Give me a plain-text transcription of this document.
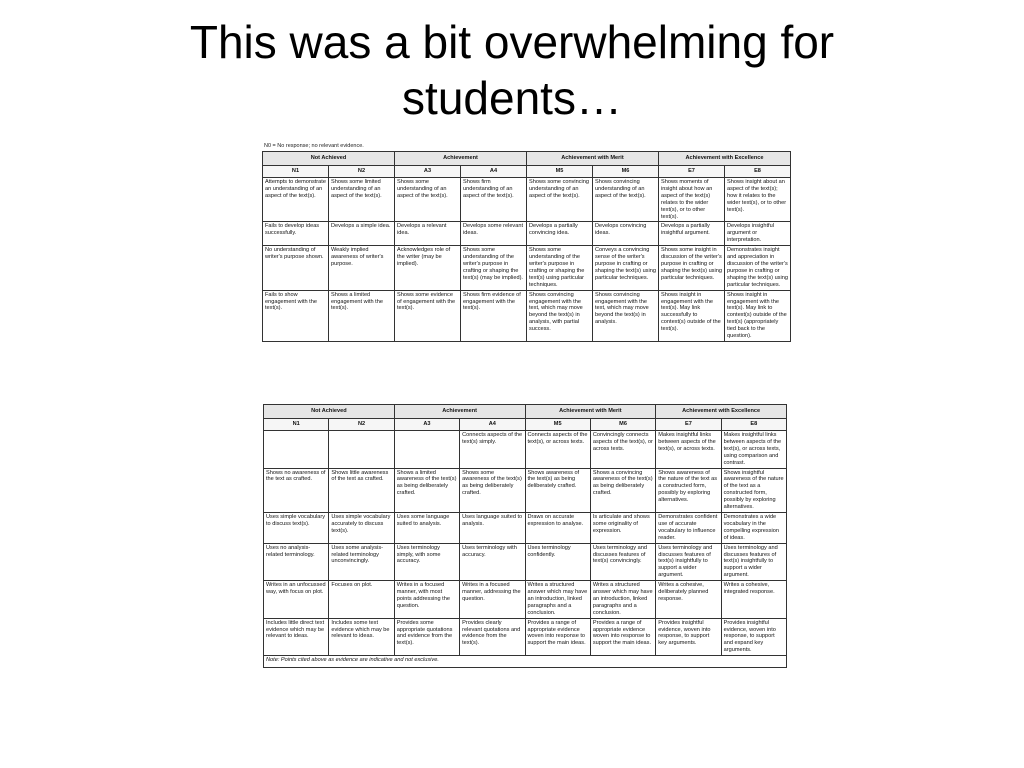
This was a bit overwhelming for
students…
N0 = No response; no relevant evidence.
Not Achieved		Achievement		Achievement with Merit		Achievement with Excellence	
N1	N2	A3	A4	M5	M6	E7	E8
Attempts to demonstrate an understanding of an aspect of the text(s).	Shows some limited understanding of an aspect of the text(s).	Shows some understanding of an aspect of the text(s).	Shows firm understanding of an aspect of the text(s).	Shows some convincing understanding of an aspect of the text(s).	Shows convincing understanding of an aspect of the text(s).	Shows moments of insight about how an aspect of the text(s) relates to the wider text(s), or to other text(s).	Shows insight about an aspect of the text(s); how it relates to the wider text(s), or to other text(s).
Fails to develop ideas successfully.	Develops a simple idea.	Develops a relevant idea.	Develops some relevant ideas.	Develops a partially convincing idea.	Develops convincing ideas.	Develops a partially insightful argument.	Develops insightful argument or interpretation.
No understanding of writer's purpose shown.	Weakly implied awareness of writer's purpose.	Acknowledges role of the writer (may be implied).	Shows some understanding of the writer's purpose in crafting or shaping the text(s) (may be implied).	Shows some understanding of the writer's purpose in crafting or shaping the text(s) using particular techniques.	Conveys a convincing sense of the writer's purpose in crafting or shaping the text(s) using particular techniques.	Shows some insight in discussion of the writer's purpose in crafting or shaping the text(s) using particular techniques.	Demonstrates insight and appreciation in discussion of the writer's purpose in crafting or shaping the text(s) using particular techniques.
Fails to show engagement with the text(s).	Shows a limited engagement with the text(s).	Shows some evidence of engagement with the text(s).	Shows firm evidence of engagement with the text(s).	Shows convincing engagement with the text, which may move beyond the text(s) in analysis, with partial success.	Shows convincing engagement with the text, which may move beyond the text(s) in analysis.	Shows insight in engagement with the text(s). May link successfully to context(s) outside of the text(s).	Shows insight in engagement with the text(s). May link to context(s) outside of the text(s) (appropriately tied back to the question).
Not Achieved		Achievement		Achievement with Merit		Achievement with Excellence	
N1	N2	A3	A4	M5	M6	E7	E8
			Connects aspects of the text(s) simply.	Connects aspects of the text(s), or across texts.	Convincingly connects aspects of the text(s), or across texts.	Makes insightful links between aspects of the text(s), or across texts.	Makes insightful links between aspects of the text(s), or across texts, using comparison and contrast.
Shows no awareness of the text as crafted.	Shows little awareness of the text as crafted.	Shows a limited awareness of the text(s) as being deliberately crafted.	Shows some awareness of the text(s) as being deliberately crafted.	Shows awareness of the text(s) as being deliberately crafted.	Shows a convincing awareness of the text(s) as being deliberately crafted.	Shows awareness of the nature of the text as a constructed form, possibly by exploring alternatives.	Shows insightful awareness of the nature of the text as a constructed form, possibly by exploring alternatives.
Uses simple vocabulary to discuss text(s).	Uses simple vocabulary accurately to discuss text(s).	Uses some language suited to analysis.	Uses language suited to analysis.	Draws on accurate expression to analyse.	Is articulate and shows some originality of expression.	Demonstrates confident use of accurate vocabulary to influence reader.	Demonstrates a wide vocabulary in the compelling expression of ideas.
Uses no analysis-related terminology.	Uses some analysis-related terminology unconvincingly.	Uses terminology simply, with some accuracy.	Uses terminology with accuracy.	Uses terminology confidently.	Uses terminology and discusses features of text(s) convincingly.	Uses terminology and discusses features of text(s) insightfully to support a wider argument.	Uses terminology and discusses features of text(s) insightfully to support a wider argument.
Writes in an unfocussed way, with focus on plot.	Focuses on plot.	Writes in a focused manner, with most points addressing the question.	Writes in a focused manner, addressing the question.	Writes a structured answer which may have an introduction, linked paragraphs and a conclusion.	Writes a structured answer which may have an introduction, linked paragraphs and a conclusion.	Writes a cohesive, deliberately planned response.	Writes a cohesive, integrated response.
Includes little direct text evidence which may be relevant to ideas.	Includes some text evidence which may be relevant to ideas.	Provides some appropriate quotations and evidence from the text(s).	Provides clearly relevant quotations and evidence from the text(s).	Provides a range of appropriate evidence woven into response to support the main ideas.	Provides a range of appropriate evidence woven into response to support the main ideas.	Provides insightful evidence, woven into response, to support key arguments.	Provides insightful evidence, woven into response, to support and expand key arguments.
Note: Points cited above as evidence are indicative and not exclusive.							
